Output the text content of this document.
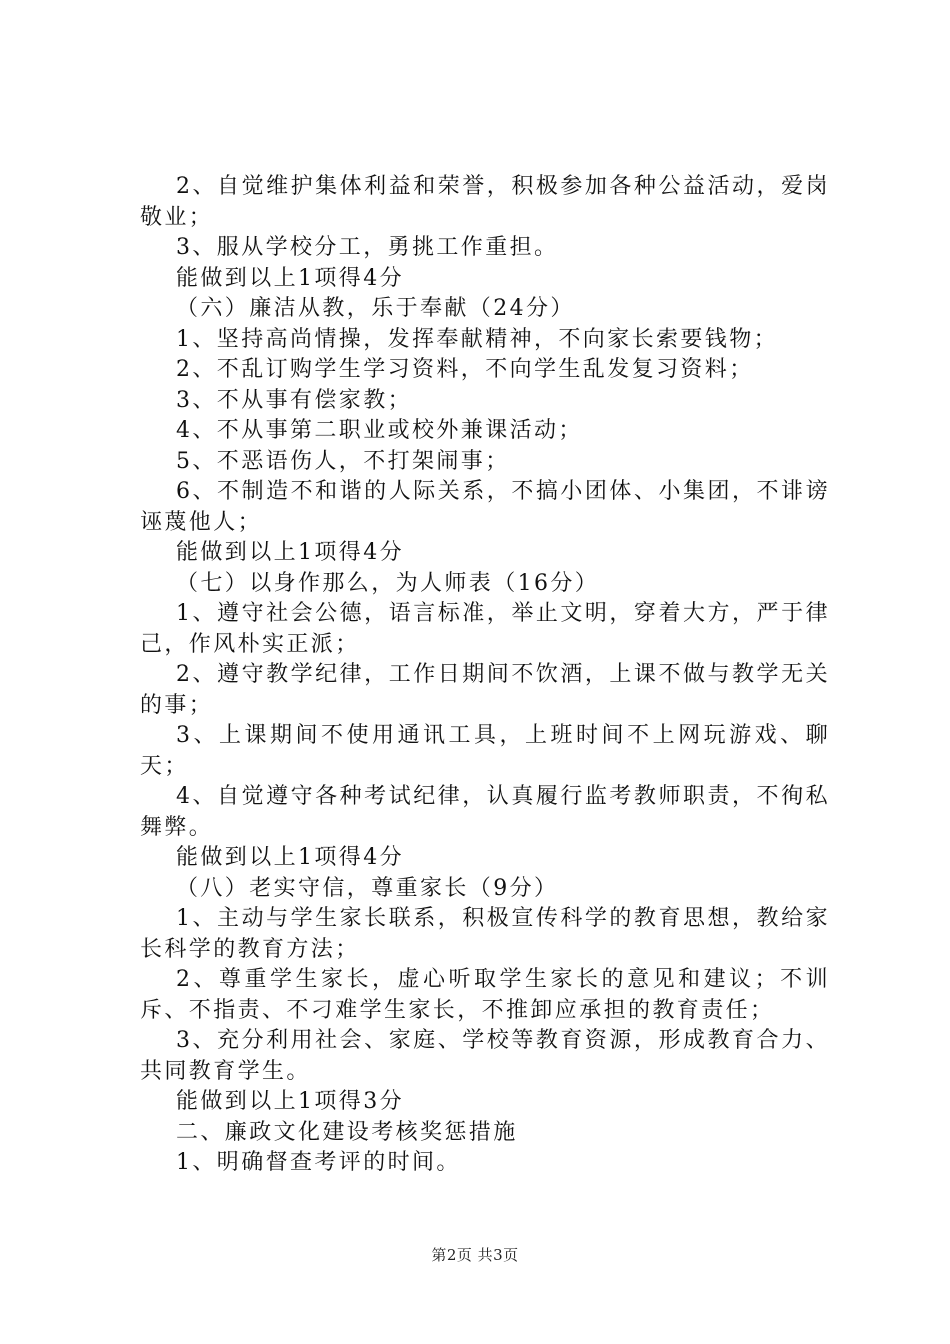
2、自觉维护集体利益和荣誉，积极参加各种公益活动，爱岗敬业；

3、服从学校分工，勇挑工作重担。

能做到以上1项得4分

（六）廉洁从教，乐于奉献（24分）

1、坚持高尚情操，发挥奉献精神，不向家长索要钱物；

2、不乱订购学生学习资料，不向学生乱发复习资料；

3、不从事有偿家教；

4、不从事第二职业或校外兼课活动；

5、不恶语伤人，不打架闹事；

6、不制造不和谐的人际关系，不搞小团体、小集团，不诽谤诬蔑他人；

能做到以上1项得4分

（七）以身作那么，为人师表（16分）

1、遵守社会公德，语言标准，举止文明，穿着大方，严于律己，作风朴实正派；

2、遵守教学纪律，工作日期间不饮酒，上课不做与教学无关的事；

3、上课期间不使用通讯工具，上班时间不上网玩游戏、聊天；

4、自觉遵守各种考试纪律，认真履行监考教师职责，不徇私舞弊。

能做到以上1项得4分

（八）老实守信，尊重家长（9分）

1、主动与学生家长联系，积极宣传科学的教育思想，教给家长科学的教育方法；

2、尊重学生家长，虚心听取学生家长的意见和建议；不训斥、不指责、不刁难学生家长，不推卸应承担的教育责任；

3、充分利用社会、家庭、学校等教育资源，形成教育合力、共同教育学生。

能做到以上1项得3分

二、廉政文化建设考核奖惩措施

1、明确督查考评的时间。

第2页 共3页
